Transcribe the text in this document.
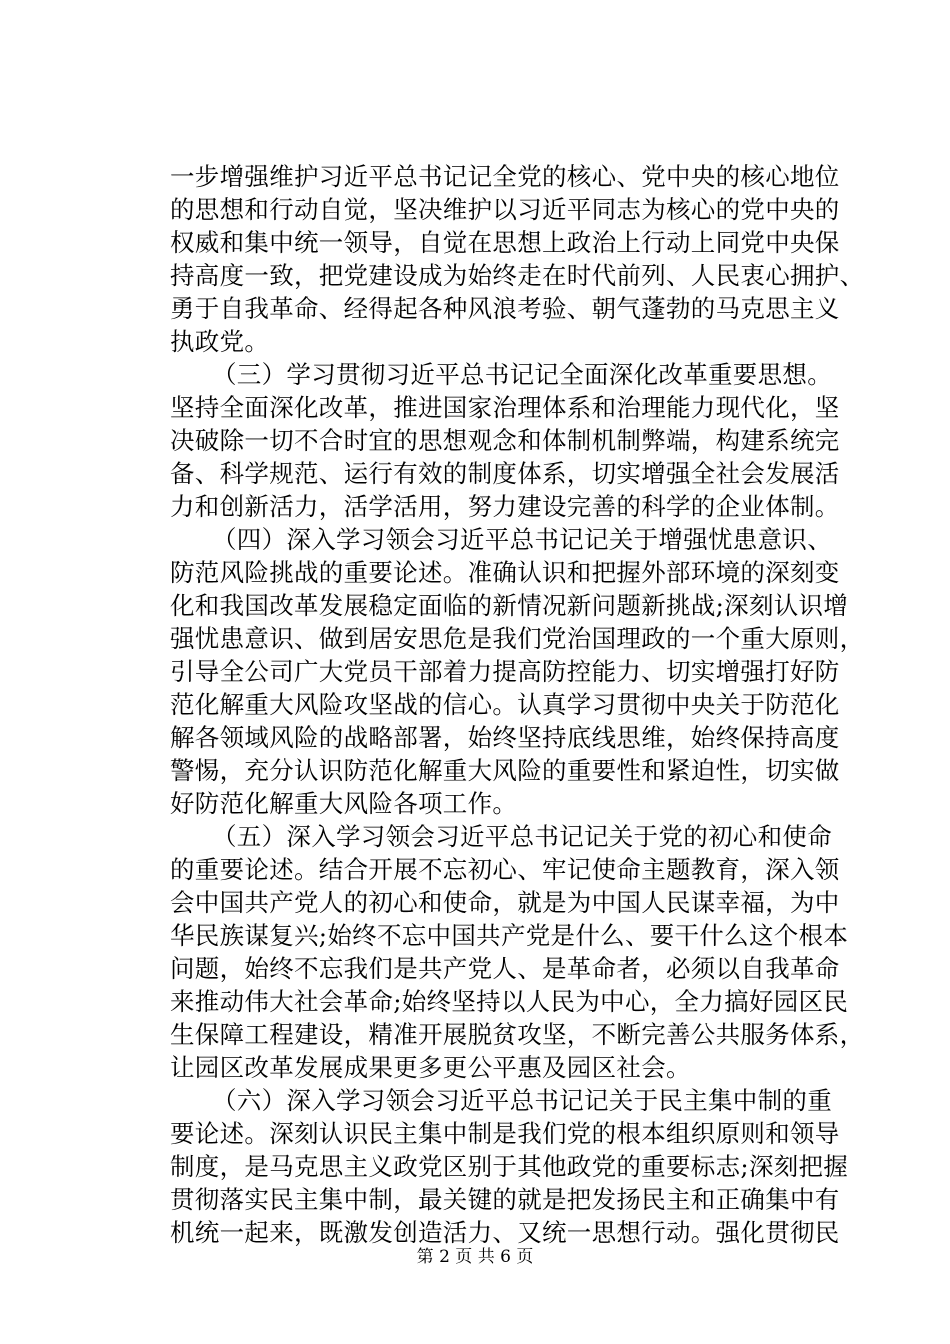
一步增强维护习近平总书记记全党的核心、党中央的核心地位
的思想和行动自觉，坚决维护以习近平同志为核心的党中央的
权威和集中统一领导，自觉在思想上政治上行动上同党中央保
持高度一致，把党建设成为始终走在时代前列、人民衷心拥护、
勇于自我革命、经得起各种风浪考验、朝气蓬勃的马克思主义
执政党。
（三）学习贯彻习近平总书记记全面深化改革重要思想。
坚持全面深化改革，推进国家治理体系和治理能力现代化，坚
决破除一切不合时宜的思想观念和体制机制弊端，构建系统完
备、科学规范、运行有效的制度体系，切实增强全社会发展活
力和创新活力，活学活用，努力建设完善的科学的企业体制。
（四）深入学习领会习近平总书记记关于增强忧患意识、
防范风险挑战的重要论述。准确认识和把握外部环境的深刻变
化和我国改革发展稳定面临的新情况新问题新挑战;深刻认识增
强忧患意识、做到居安思危是我们党治国理政的一个重大原则，
引导全公司广大党员干部着力提高防控能力、切实增强打好防
范化解重大风险攻坚战的信心。认真学习贯彻中央关于防范化
解各领域风险的战略部署，始终坚持底线思维，始终保持高度
警惕，充分认识防范化解重大风险的重要性和紧迫性，切实做
好防范化解重大风险各项工作。
（五）深入学习领会习近平总书记记关于党的初心和使命
的重要论述。结合开展不忘初心、牢记使命主题教育，深入领
会中国共产党人的初心和使命，就是为中国人民谋幸福，为中
华民族谋复兴;始终不忘中国共产党是什么、要干什么这个根本
问题，始终不忘我们是共产党人、是革命者，必须以自我革命
来推动伟大社会革命;始终坚持以人民为中心，全力搞好园区民
生保障工程建设，精准开展脱贫攻坚，不断完善公共服务体系，
让园区改革发展成果更多更公平惠及园区社会。
（六）深入学习领会习近平总书记记关于民主集中制的重
要论述。深刻认识民主集中制是我们党的根本组织原则和领导
制度，是马克思主义政党区别于其他政党的重要标志;深刻把握
贯彻落实民主集中制，最关键的就是把发扬民主和正确集中有
机统一起来，既激发创造活力、又统一思想行动。强化贯彻民
第 2 页 共 6 页
